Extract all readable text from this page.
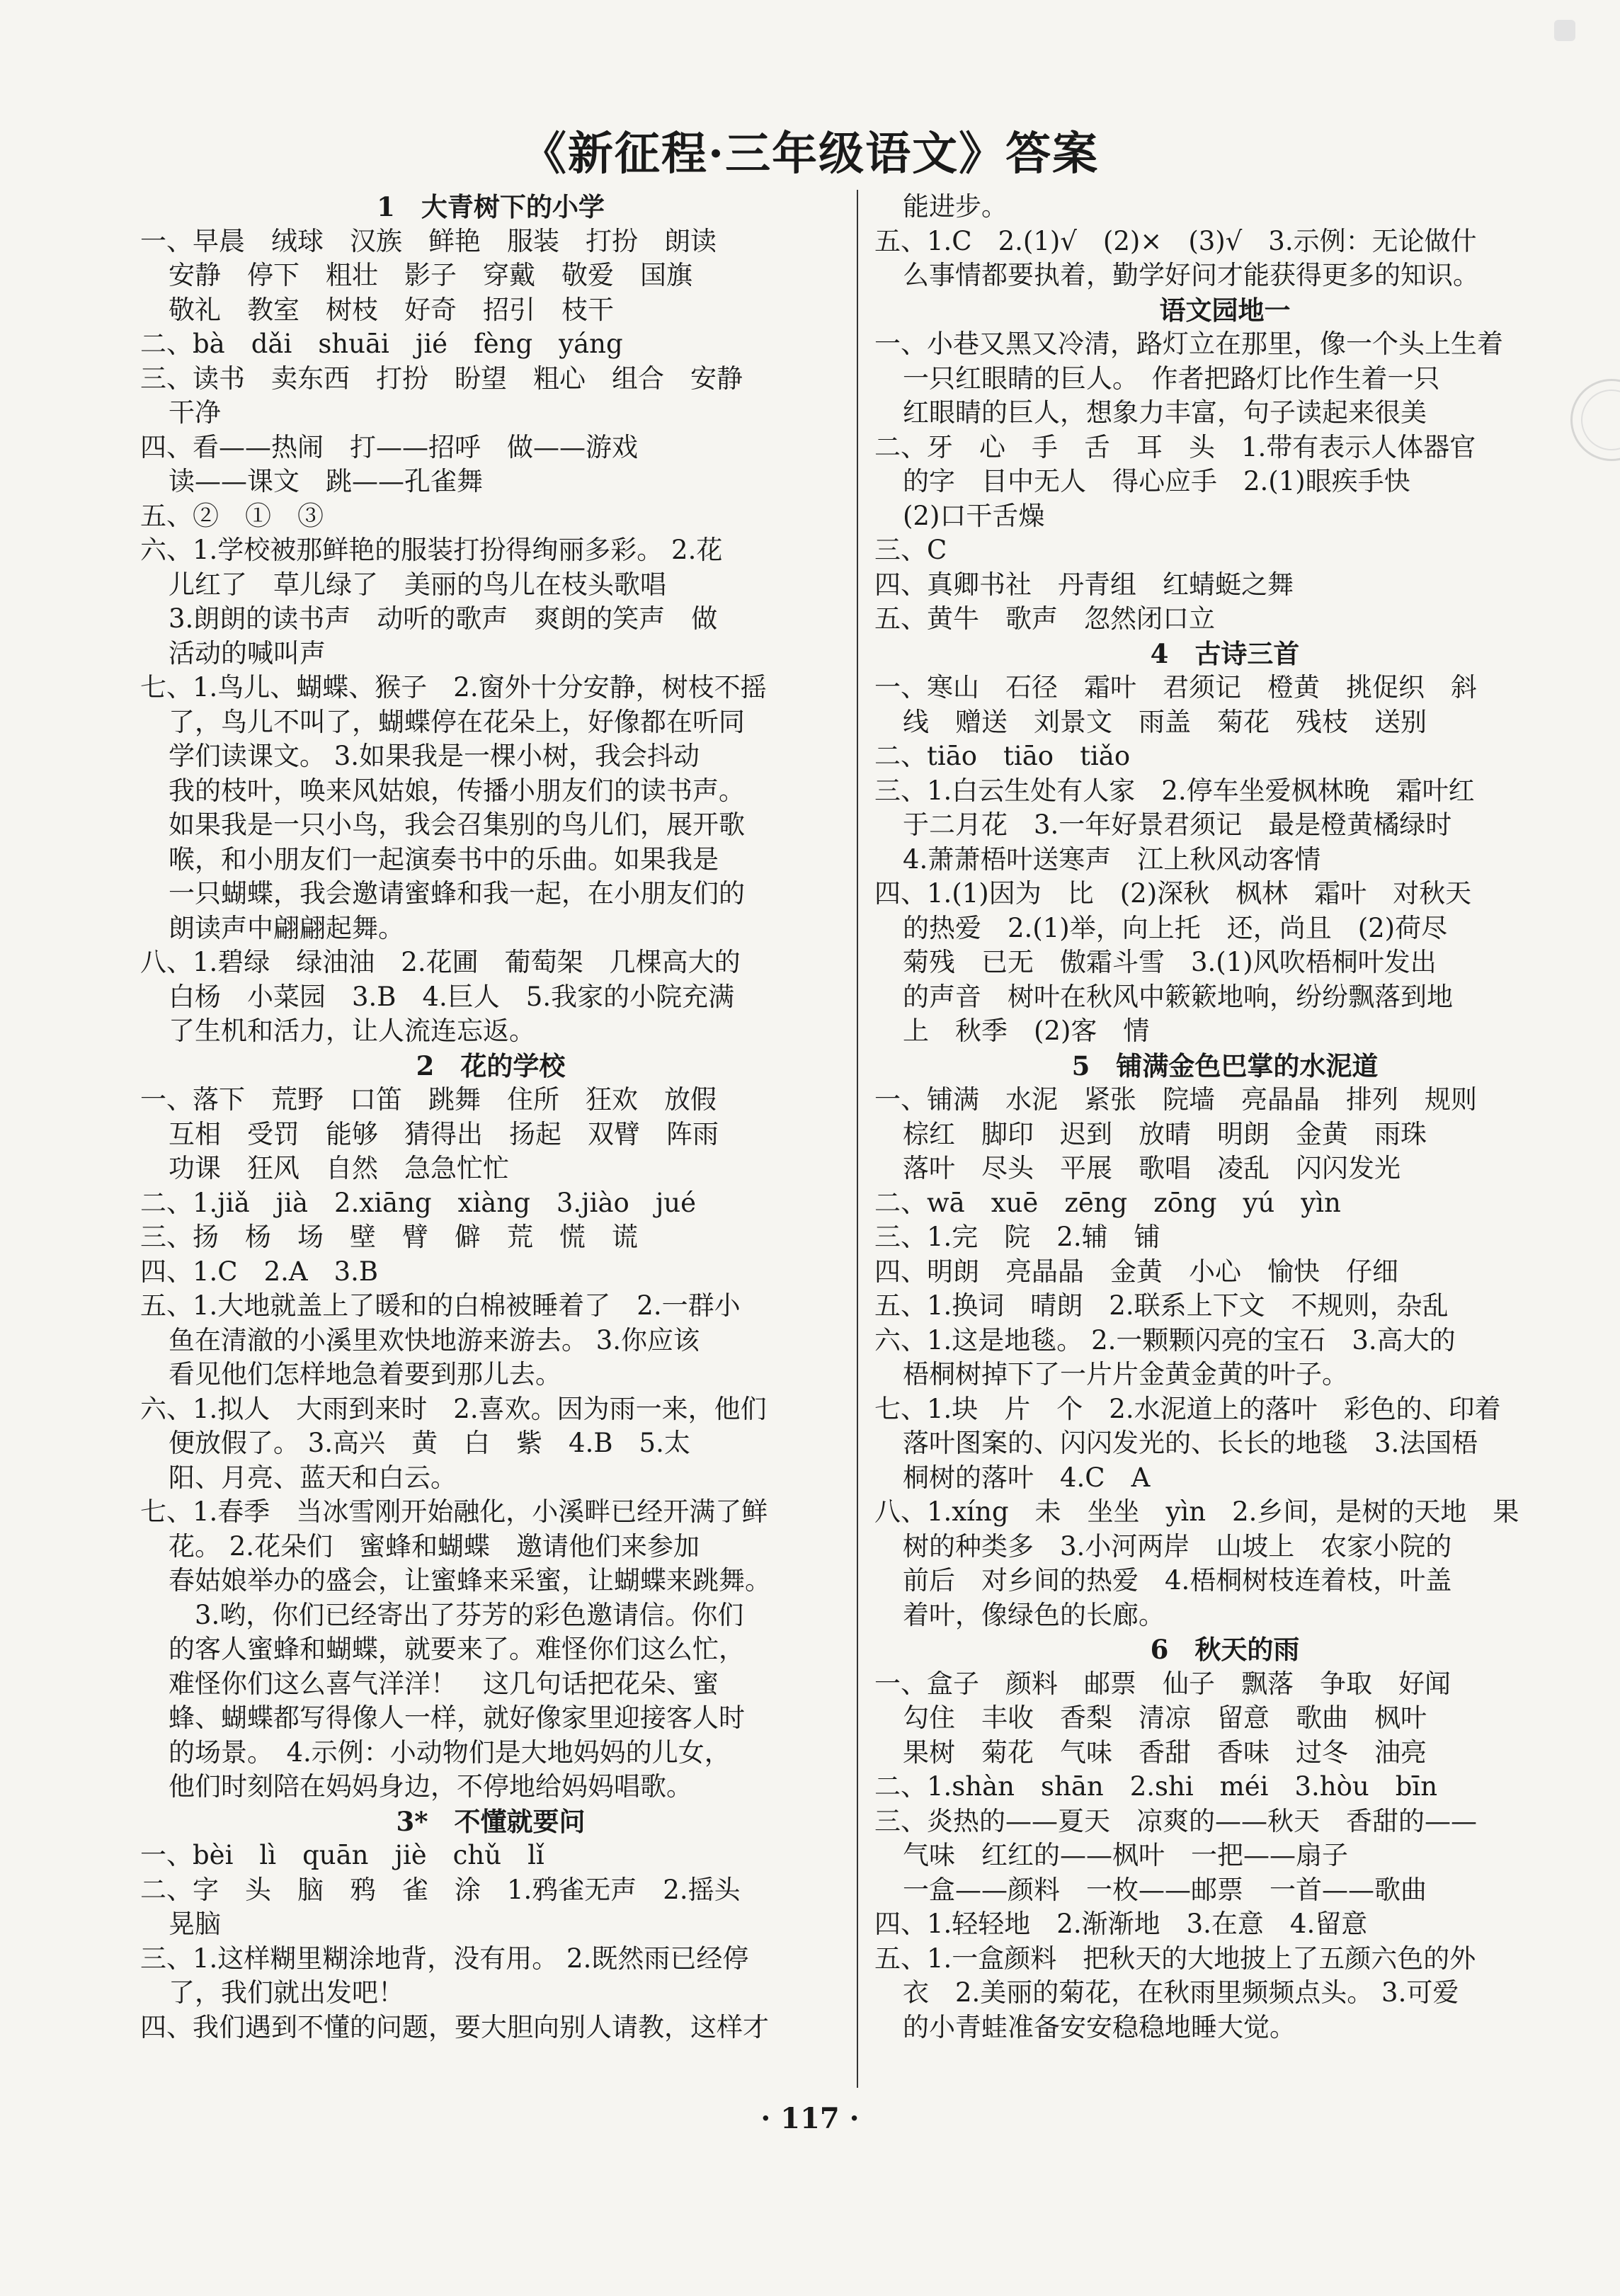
《新征程·三年级语文》答案
1　大青树下的小学
一、早晨　绒球　汉族　鲜艳　服装　打扮　朗读
安静　停下　粗壮　影子　穿戴　敬爱　国旗
敬礼　教室　树枝　好奇　招引　枝干
二、bà　dǎi　shuāi　jié　fèng　yáng
三、读书　卖东西　打扮　盼望　粗心　组合　安静
干净
四、看——热闹　打——招呼　做——游戏
读——课文　跳——孔雀舞
五、②　①　③
六、1.学校被那鲜艳的服装打扮得绚丽多彩。 2.花
儿红了　草儿绿了　美丽的鸟儿在枝头歌唱
3.朗朗的读书声　动听的歌声　爽朗的笑声　做
活动的喊叫声
七、1.鸟儿、蝴蝶、猴子　2.窗外十分安静，树枝不摇
了，鸟儿不叫了，蝴蝶停在花朵上，好像都在听同
学们读课文。 3.如果我是一棵小树，我会抖动
我的枝叶，唤来风姑娘，传播小朋友们的读书声。
如果我是一只小鸟，我会召集别的鸟儿们，展开歌
喉，和小朋友们一起演奏书中的乐曲。如果我是
一只蝴蝶，我会邀请蜜蜂和我一起，在小朋友们的
朗读声中翩翩起舞。
八、1.碧绿　绿油油　2.花圃　葡萄架　几棵高大的
白杨　小菜园　3.B　4.巨人　5.我家的小院充满
了生机和活力，让人流连忘返。
2　花的学校
一、落下　荒野　口笛　跳舞　住所　狂欢　放假
互相　受罚　能够　猜得出　扬起　双臂　阵雨
功课　狂风　自然　急急忙忙
二、1.jiǎ　jià　2.xiāng　xiàng　3.jiào　jué
三、扬　杨　场　壁　臂　僻　荒　慌　谎
四、1.C　2.A　3.B
五、1.大地就盖上了暖和的白棉被睡着了　2.一群小
鱼在清澈的小溪里欢快地游来游去。 3.你应该
看见他们怎样地急着要到那儿去。
六、1.拟人　大雨到来时　2.喜欢。因为雨一来，他们
便放假了。 3.高兴　黄　白　紫　4.B　5.太
阳、月亮、蓝天和白云。
七、1.春季　当冰雪刚开始融化，小溪畔已经开满了鲜
花。 2.花朵们　蜜蜂和蝴蝶　邀请他们来参加
春姑娘举办的盛会，让蜜蜂来采蜜，让蝴蝶来跳舞。
　3.哟，你们已经寄出了芬芳的彩色邀请信。你们
的客人蜜蜂和蝴蝶，就要来了。难怪你们这么忙，
难怪你们这么喜气洋洋！　这几句话把花朵、蜜
蜂、蝴蝶都写得像人一样，就好像家里迎接客人时
的场景。　4.示例：小动物们是大地妈妈的儿女，
他们时刻陪在妈妈身边，不停地给妈妈唱歌。
3*　不懂就要问
一、bèi　lì　quān　jiè　chǔ　lǐ
二、字　头　脑　鸦　雀　涂　1.鸦雀无声　2.摇头
晃脑
三、1.这样糊里糊涂地背，没有用。 2.既然雨已经停
了，我们就出发吧！
四、我们遇到不懂的问题，要大胆向别人请教，这样才
能进步。
五、1.C　2.(1)√　(2)×　(3)√　3.示例：无论做什
么事情都要执着，勤学好问才能获得更多的知识。
语文园地一
一、小巷又黑又冷清，路灯立在那里，像一个头上生着
一只红眼睛的巨人。　作者把路灯比作生着一只
红眼睛的巨人，想象力丰富，句子读起来很美
二、牙　心　手　舌　耳　头　1.带有表示人体器官
的字　目中无人　得心应手　2.(1)眼疾手快
(2)口干舌燥
三、C
四、真卿书社　丹青组　红蜻蜓之舞
五、黄牛　歌声　忽然闭口立
4　古诗三首
一、寒山　石径　霜叶　君须记　橙黄　挑促织　斜
线　赠送　刘景文　雨盖　菊花　残枝　送别
二、tiāo　tiāo　tiǎo
三、1.白云生处有人家　2.停车坐爱枫林晚　霜叶红
于二月花　3.一年好景君须记　最是橙黄橘绿时
4.萧萧梧叶送寒声　江上秋风动客情
四、1.(1)因为　比　(2)深秋　枫林　霜叶　对秋天
的热爱　2.(1)举，向上托　还，尚且　(2)荷尽
菊残　已无　傲霜斗雪　3.(1)风吹梧桐叶发出
的声音　树叶在秋风中簌簌地响，纷纷飘落到地
上　秋季　(2)客　情
5　铺满金色巴掌的水泥道
一、铺满　水泥　紧张　院墙　亮晶晶　排列　规则
棕红　脚印　迟到　放晴　明朗　金黄　雨珠
落叶　尽头　平展　歌唱　凌乱　闪闪发光
二、wā　xuē　zēng　zōng　yú　yìn
三、1.完　院　2.辅　铺
四、明朗　亮晶晶　金黄　小心　愉快　仔细
五、1.换词　晴朗　2.联系上下文　不规则，杂乱
六、1.这是地毯。 2.一颗颗闪亮的宝石　3.高大的
梧桐树掉下了一片片金黄金黄的叶子。
七、1.块　片　个　2.水泥道上的落叶　彩色的、印着
落叶图案的、闪闪发光的、长长的地毯　3.法国梧
桐树的落叶　4.C　A
八、1.xíng　未　坐坐　yìn　2.乡间，是树的天地　果
树的种类多　3.小河两岸　山坡上　农家小院的
前后　对乡间的热爱　4.梧桐树枝连着枝，叶盖
着叶，像绿色的长廊。
6　秋天的雨
一、盒子　颜料　邮票　仙子　飘落　争取　好闻
勾住　丰收　香梨　清凉　留意　歌曲　枫叶
果树　菊花　气味　香甜　香味　过冬　油亮
二、1.shàn　shān　2.shi　méi　3.hòu　bīn
三、炎热的——夏天　凉爽的——秋天　香甜的——
气味　红红的——枫叶　一把——扇子
一盒——颜料　一枚——邮票　一首——歌曲
四、1.轻轻地　2.渐渐地　3.在意　4.留意
五、1.一盒颜料　把秋天的大地披上了五颜六色的外
衣　2.美丽的菊花，在秋雨里频频点头。 3.可爱
的小青蛙准备安安稳稳地睡大觉。
· 117 ·
